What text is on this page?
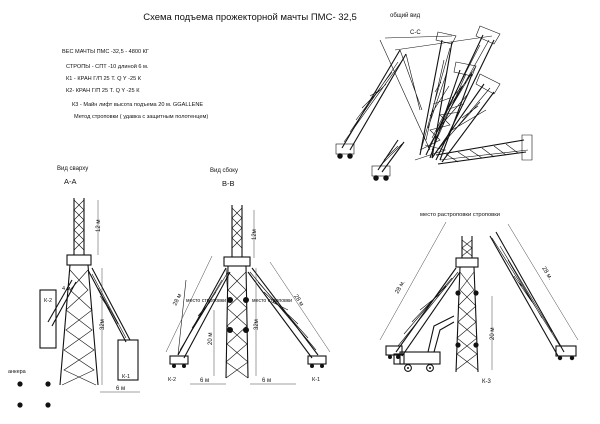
Схема подъема прожекторной мачты ПМС- 32,5
ВЕС МАЧТЫ ПМС -32,5 - 4800 КГ
СТРОПЫ - СПТ -10 длиной 6 м.
К1 - КРАН Г/П 25 Т. Q Y -25 К
К2- КРАН Г/П 25 Т. Q Y -25 К
К3 - Майн лифт высота подъема 20 м. GGALLENE
Метод строповки ( удавка с защитным полотенцем)
общий вид
С-С
Вид сварху
А-А
К-2
К-1
12 м
32м
6 м
4 м
анкера
Вид сбоку
В-В
К-2	К-1
12м
32м
20 м
28 м	28 м
6 м	6 м
место строповки	место строповки
место растроповки строповки
К-3
28 м.
28 м.
20 м
